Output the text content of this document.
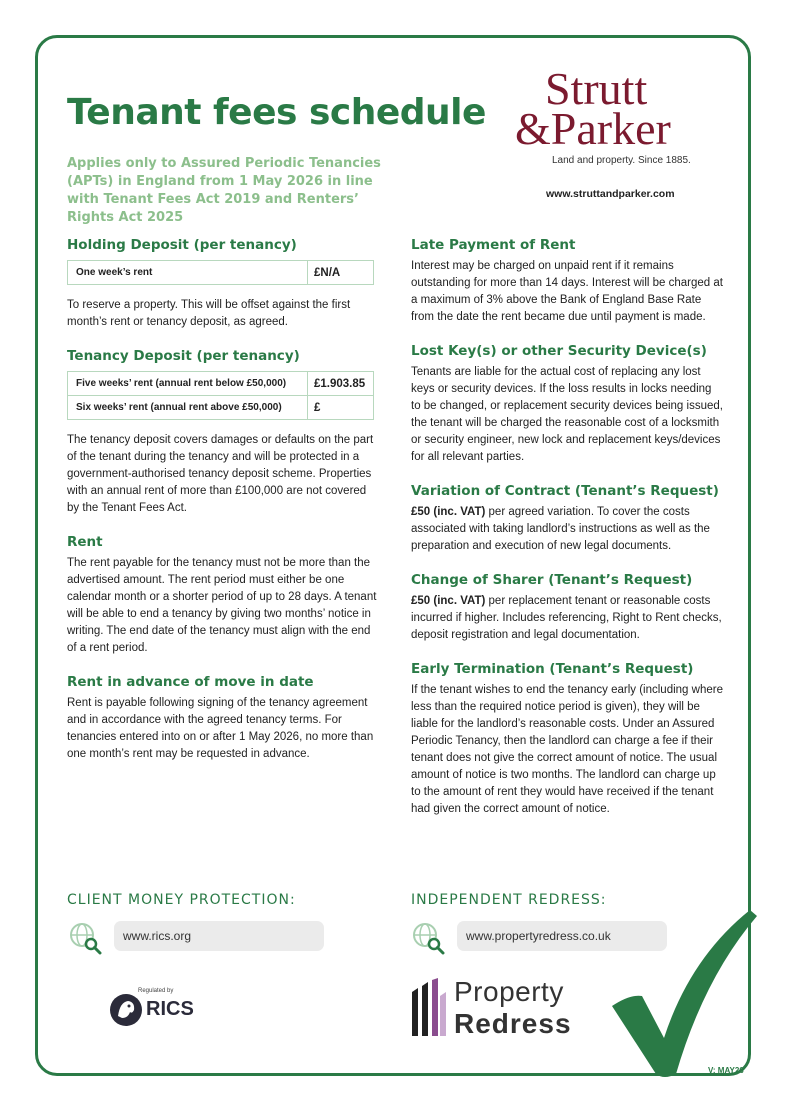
Tenant fees schedule
Applies only to Assured Periodic Tenancies (APTs) in England from 1 May 2026 in line with Tenant Fees Act 2019 and Renters’ Rights Act 2025
Strutt
&Parker
Land and property. Since 1885.
www.struttandparker.com
Holding Deposit (per tenancy)
One week’s rent	£N/A
To reserve a property. This will be offset against the first month’s rent or tenancy deposit, as agreed.
Tenancy Deposit (per tenancy)
Five weeks’ rent (annual rent below £50,000)	£1.903.85
Six weeks’ rent (annual rent above £50,000)	£
The tenancy deposit covers damages or defaults on the part of the tenant during the tenancy and will be protected in a government-authorised tenancy deposit scheme. Properties with an annual rent of more than £100,000 are not covered by the Tenant Fees Act.
Rent
The rent payable for the tenancy must not be more than the advertised amount. The rent period must either be one calendar month or a shorter period of up to 28 days. A tenant will be able to end a tenancy by giving two months’ notice in writing. The end date of the tenancy must align with the end of a rent period.
Rent in advance of move in date
Rent is payable following signing of the tenancy agreement and in accordance with the agreed tenancy terms. For tenancies entered into on or after 1 May 2026, no more than one month’s rent may be requested in advance.
Late Payment of Rent
Interest may be charged on unpaid rent if it remains outstanding for more than 14 days. Interest will be charged at a maximum of 3% above the Bank of England Base Rate from the date the rent became due until payment is made.
Lost Key(s) or other Security Device(s)
Tenants are liable for the actual cost of replacing any lost keys or security devices. If the loss results in locks needing to be changed, or replacement security devices being issued, the tenant will be charged the reasonable cost of a locksmith or security engineer, new lock and replacement keys/devices for all relevant parties.
Variation of Contract (Tenant’s Request)
£50 (inc. VAT) per agreed variation. To cover the costs associated with taking landlord’s instructions as well as the preparation and execution of new legal documents.
Change of Sharer (Tenant’s Request)
£50 (inc. VAT) per replacement tenant or reasonable costs incurred if higher. Includes referencing, Right to Rent checks, deposit registration and legal documentation.
Early Termination (Tenant’s Request)
If the tenant wishes to end the tenancy early (including where less than the required notice period is given), they will be liable for the landlord’s reasonable costs. Under an Assured Periodic Tenancy, then the landlord can charge a fee if their tenant does not give the correct amount of notice. The usual amount of notice is two months. The landlord can charge up to the amount of rent they would have received if the tenant had given the correct amount of notice.
CLIENT MONEY PROTECTION:	INDEPENDENT REDRESS:
www.rics.org	www.propertyredress.co.uk
Regulated by
RICS
Property
Redress
V: MAY26
